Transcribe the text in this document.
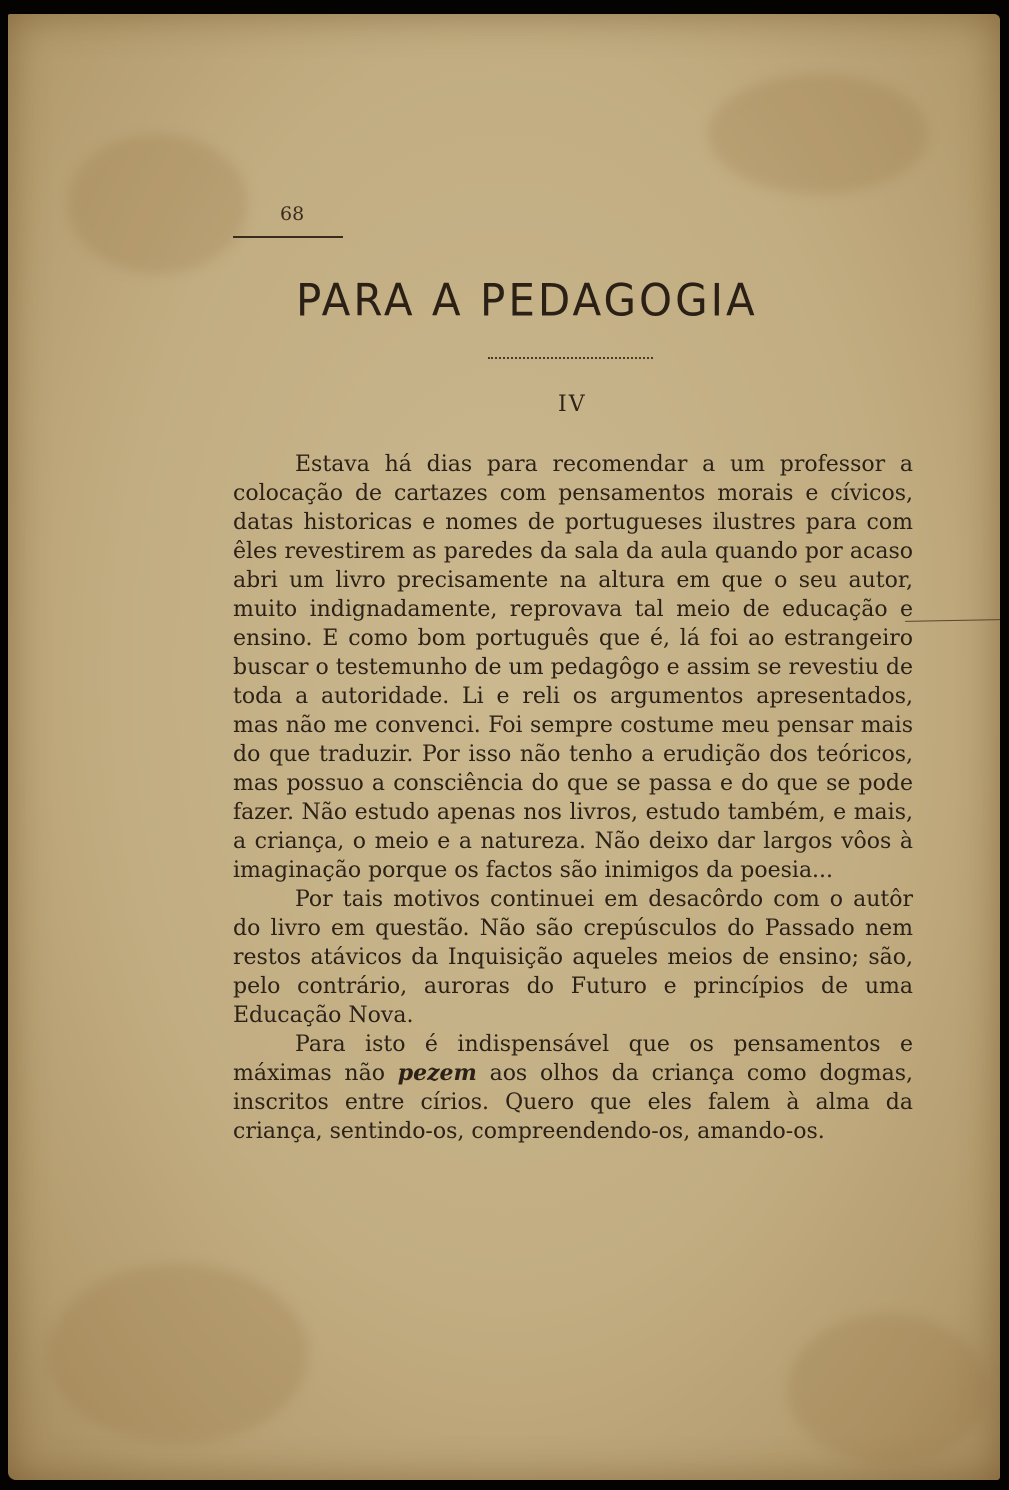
68
PARA A PEDAGOGIA
IV

Estava há dias para recomendar a um professor a colocação de cartazes com pensamentos morais e cívicos, datas historicas e nomes de portugueses ilustres para com êles revestirem as paredes da sala da aula quando por acaso abri um livro precisamente na altura em que o seu autor, muito indignadamente, reprovava tal meio de educação e ensino. E como bom português que é, lá foi ao estrangeiro buscar o testemunho de um pedagôgo e assim se revestiu de toda a autoridade. Li e reli os argumentos apresentados, mas não me convenci. Foi sempre costume meu pensar mais do que traduzir. Por isso não tenho a erudição dos teóricos, mas possuo a consciência do que se passa e do que se pode fazer. Não estudo apenas nos livros, estudo também, e mais, a criança, o meio e a natureza. Não deixo dar largos vôos à imaginação porque os factos são inimigos da poesia...

Por tais motivos continuei em desacôrdo com o autôr do livro em questão. Não são crepúsculos do Passado nem restos atávicos da Inquisição aqueles meios de ensino; são, pelo contrário, auroras do Futuro e princípios de uma Educação Nova.

Para isto é indispensável que os pensamentos e máximas não pezem aos olhos da criança como dogmas, inscritos entre círios. Quero que eles falem à alma da criança, sentindo-os, compreendendo-os, amando-os.
